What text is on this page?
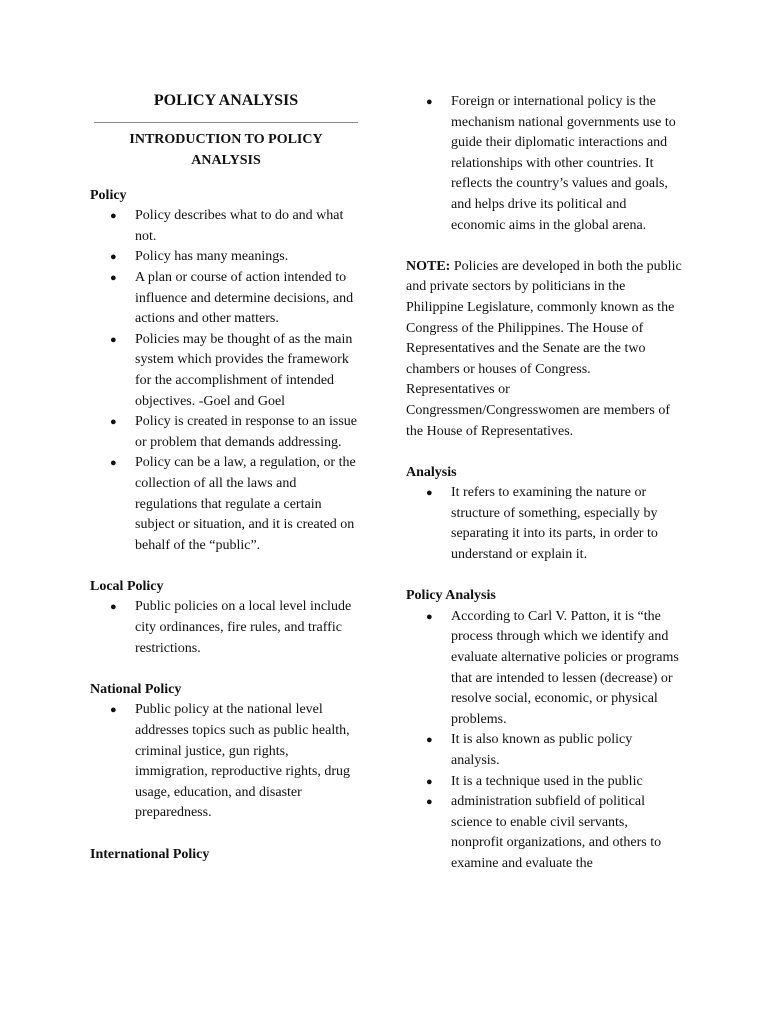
POLICY ANALYSIS
INTRODUCTION TO POLICY ANALYSIS
Policy
● Policy describes what to do and what not.
● Policy has many meanings.
● A plan or course of action intended to influence and determine decisions, and actions and other matters.
● Policies may be thought of as the main system which provides the framework for the accomplishment of intended objectives. -Goel and Goel
● Policy is created in response to an issue or problem that demands addressing.
● Policy can be a law, a regulation, or the collection of all the laws and regulations that regulate a certain subject or situation, and it is created on behalf of the “public”.
Local Policy
● Public policies on a local level include city ordinances, fire rules, and traffic restrictions.
National Policy
● Public policy at the national level addresses topics such as public health, criminal justice, gun rights, immigration, reproductive rights, drug usage, education, and disaster preparedness.
International Policy
● Foreign or international policy is the mechanism national governments use to guide their diplomatic interactions and relationships with other countries. It reflects the country’s values and goals, and helps drive its political and economic aims in the global arena.
NOTE: Policies are developed in both the public and private sectors by politicians in the Philippine Legislature, commonly known as the Congress of the Philippines. The House of Representatives and the Senate are the two chambers or houses of Congress. Representatives or Congressmen/Congresswomen are members of the House of Representatives.
Analysis
● It refers to examining the nature or structure of something, especially by separating it into its parts, in order to understand or explain it.
Policy Analysis
● According to Carl V. Patton, it is “the process through which we identify and evaluate alternative policies or programs that are intended to lessen (decrease) or resolve social, economic, or physical problems.
● It is also known as public policy analysis.
● It is a technique used in the public
● administration subfield of political science to enable civil servants, nonprofit organizations, and others to examine and evaluate the
